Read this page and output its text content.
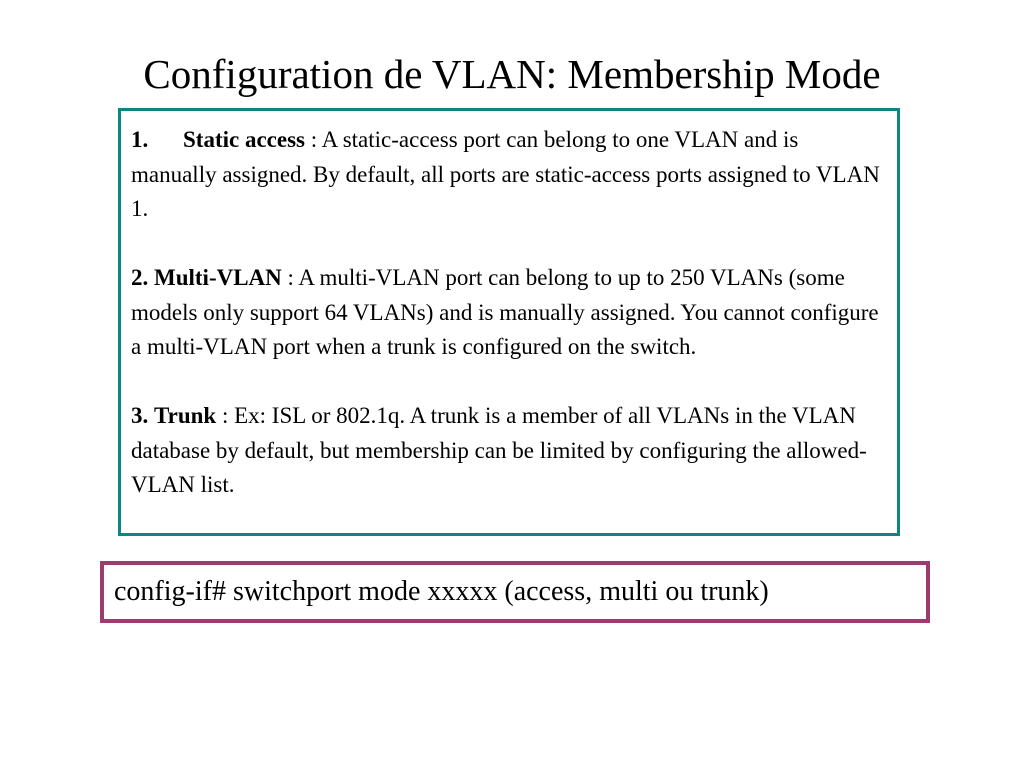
Configuration de VLAN: Membership Mode

1. Static access : A static-access port can belong to one VLAN and is manually assigned. By default, all ports are static-access ports assigned to VLAN 1.

2. Multi-VLAN : A multi-VLAN port can belong to up to 250 VLANs (some models only support 64 VLANs) and is manually assigned. You cannot configure a multi-VLAN port when a trunk is configured on the switch.

3. Trunk : Ex: ISL or 802.1q. A trunk is a member of all VLANs in the VLAN database by default, but membership can be limited by configuring the allowed-VLAN list.

config-if# switchport mode xxxxx (access, multi ou trunk)
